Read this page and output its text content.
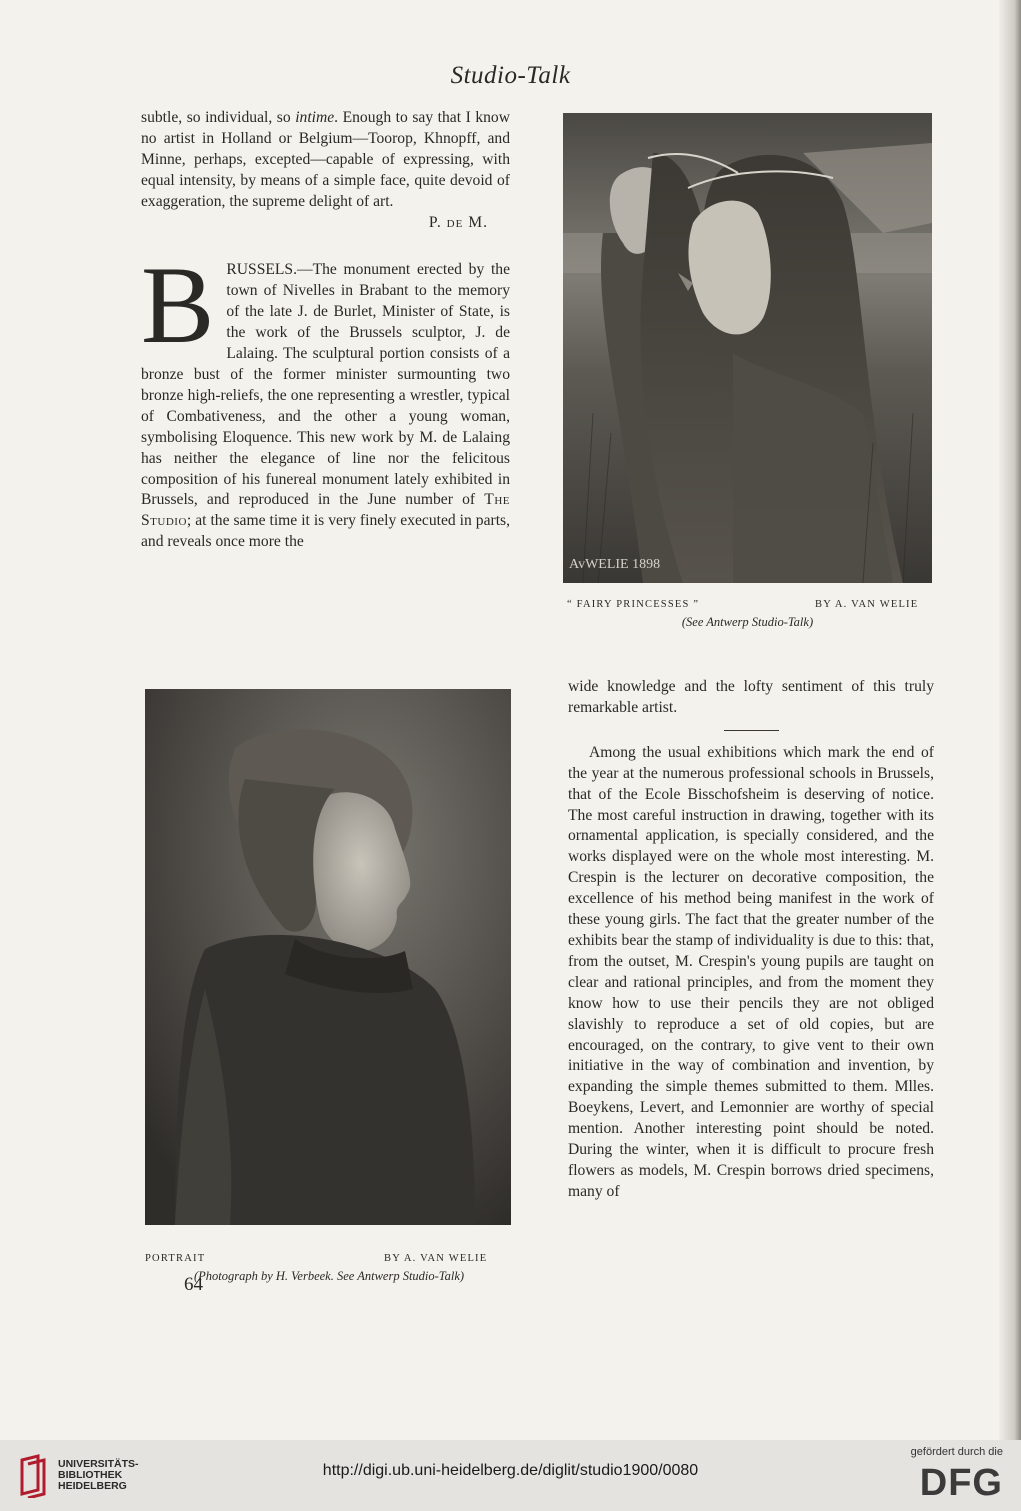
Studio-Talk

subtle, so individual, so intime. Enough to say that I know no artist in Holland or Belgium—Toorop, Khnopff, and Minne, perhaps, excepted—capable of expressing, with equal intensity, by means of a simple face, quite devoid of exaggeration, the supreme delight of art.

P. de M.

B RUSSELS.—The monument erected by the town of Nivelles in Brabant to the memory of the late J. de Burlet, Minister of State, is the work of the Brussels sculptor, J. de Lalaing. The sculptural portion consists of a bronze bust of the former minister surmounting two bronze high-reliefs, the one representing a wrestler, typical of Combativeness, and the other a young woman, symbolising Eloquence. This new work by M. de Lalaing has neither the elegance of line nor the felicitous composition of his funereal monument lately exhibited in Brussels, and reproduced in the June number of The Studio; at the same time it is very finely executed in parts, and reveals once more the

AvWELIE 1898
“ FAIRY PRINCESSES ”	BY A. VAN WELIE
(See Antwerp Studio-Talk)
PORTRAIT	BY A. VAN WELIE
(Photograph by H. Verbeek. See Antwerp Studio-Talk)
64

wide knowledge and the lofty sentiment of this truly remarkable artist.

Among the usual exhibitions which mark the end of the year at the numerous professional schools in Brussels, that of the Ecole Bisschofsheim is deserving of notice. The most careful instruction in drawing, together with its ornamental application, is specially considered, and the works displayed were on the whole most interesting. M. Crespin is the lecturer on decorative composition, the excellence of his method being manifest in the work of these young girls. The fact that the greater number of the exhibits bear the stamp of individuality is due to this: that, from the outset, M. Crespin's young pupils are taught on clear and rational principles, and from the moment they know how to use their pencils they are not obliged slavishly to reproduce a set of old copies, but are encouraged, on the contrary, to give vent to their own initiative in the way of combination and invention, by expanding the simple themes submitted to them. Mlles. Boeykens, Levert, and Lemonnier are worthy of special mention. Another interesting point should be noted. During the winter, when it is difficult to procure fresh flowers as models, M. Crespin borrows dried specimens, many of

UNIVERSITÄTS-
BIBLIOTHEK
HEIDELBERG
http://digi.ub.uni-heidelberg.de/diglit/studio1900/0080
gefördert durch die
DFG
